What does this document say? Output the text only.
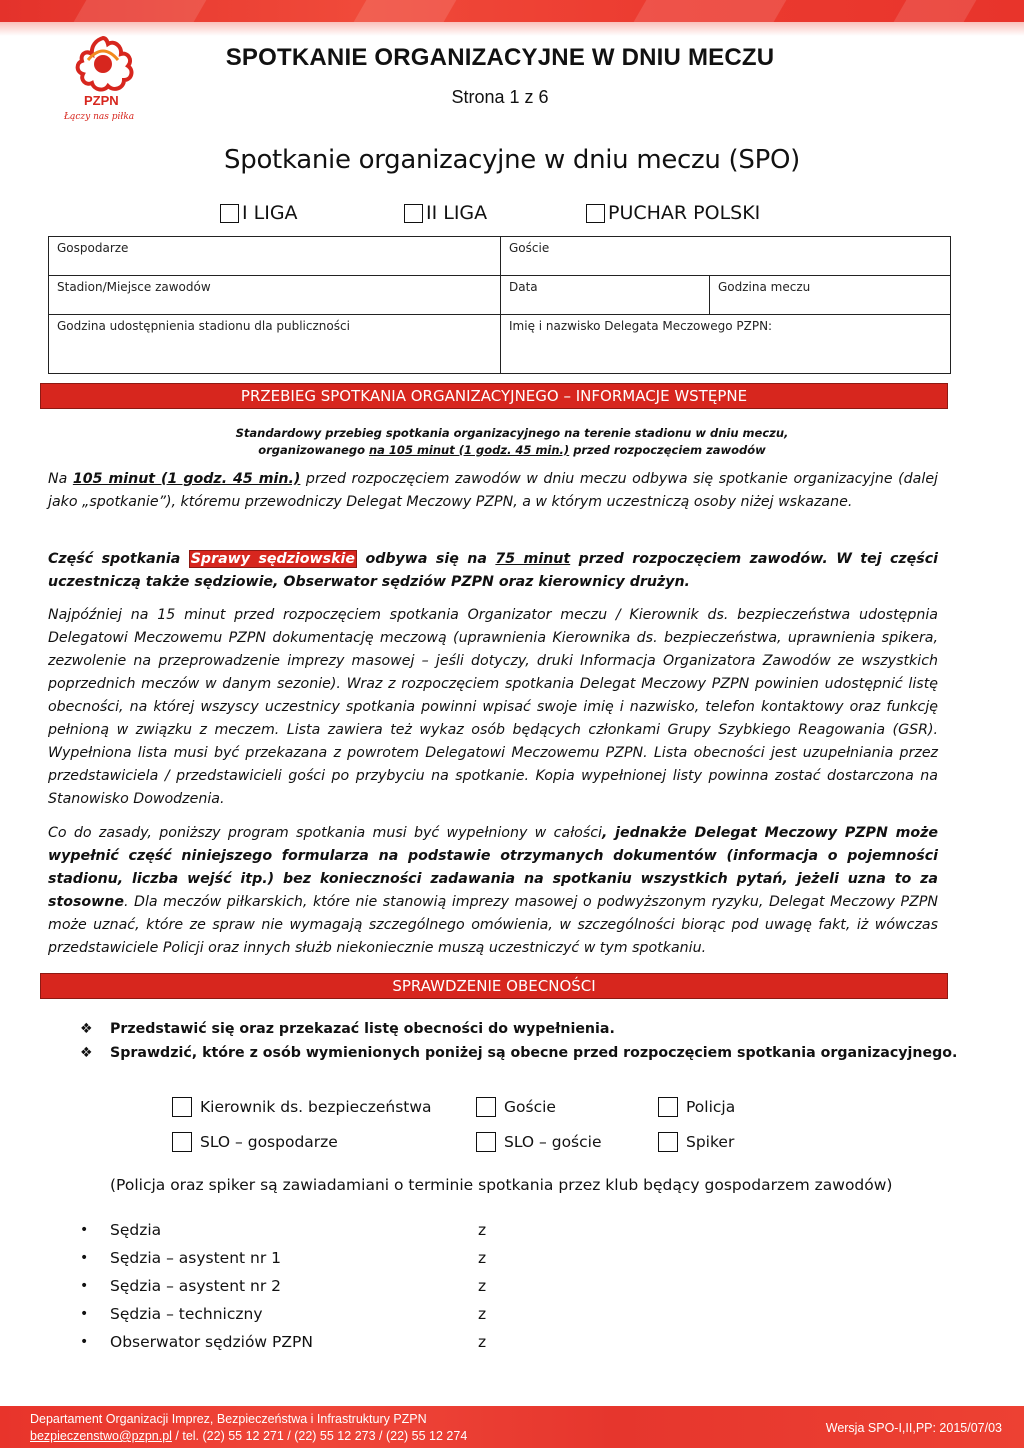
PZPN
Łączy nas piłka
SPOTKANIE ORGANIZACYJNE W DNIU MECZU
Strona 1 z 6
Spotkanie organizacyjne w dniu meczu (SPO)
I LIGA	II LIGA	PUCHAR POLSKI
Gospodarze	Goście	
Stadion/Miejsce zawodów	Data	Godzina meczu
Godzina udostępnienia stadionu dla publiczności	Imię i nazwisko Delegata Meczowego PZPN:	
PRZEBIEG SPOTKANIA ORGANIZACYJNEGO – INFORMACJE WSTĘPNE
Standardowy przebieg spotkania organizacyjnego na terenie stadionu w dniu meczu,
organizowanego na 105 minut (1 godz. 45 min.) przed rozpoczęciem zawodów
Na 105 minut (1 godz. 45 min.) przed rozpoczęciem zawodów w dniu meczu odbywa się spotkanie organizacyjne (dalej jako „spotkanie”), któremu przewodniczy Delegat Meczowy PZPN, a w którym uczestniczą osoby niżej wskazane.
Część spotkania Sprawy sędziowskie odbywa się na 75 minut przed rozpoczęciem zawodów. W tej części uczestniczą także sędziowie, Obserwator sędziów PZPN oraz kierownicy drużyn.
Najpóźniej na 15 minut przed rozpoczęciem spotkania Organizator meczu / Kierownik ds. bezpieczeństwa udostępnia Delegatowi Meczowemu PZPN dokumentację meczową (uprawnienia Kierownika ds. bezpieczeństwa, uprawnienia spikera, zezwolenie na przeprowadzenie imprezy masowej – jeśli dotyczy, druki Informacja Organizatora Zawodów ze wszystkich poprzednich meczów w danym sezonie). Wraz z rozpoczęciem spotkania Delegat Meczowy PZPN powinien udostępnić listę obecności, na której wszyscy uczestnicy spotkania powinni wpisać swoje imię i nazwisko, telefon kontaktowy oraz funkcję pełnioną w związku z meczem. Lista zawiera też wykaz osób będących członkami Grupy Szybkiego Reagowania (GSR). Wypełniona lista musi być przekazana z powrotem Delegatowi Meczowemu PZPN. Lista obecności jest uzupełniania przez przedstawiciela / przedstawicieli gości po przybyciu na spotkanie. Kopia wypełnionej listy powinna zostać dostarczona na Stanowisko Dowodzenia.
Co do zasady, poniższy program spotkania musi być wypełniony w całości, jednakże Delegat Meczowy PZPN może wypełnić część niniejszego formularza na podstawie otrzymanych dokumentów (informacja o pojemności stadionu, liczba wejść itp.) bez konieczności zadawania na spotkaniu wszystkich pytań, jeżeli uzna to za stosowne. Dla meczów piłkarskich, które nie stanowią imprezy masowej o podwyższonym ryzyku, Delegat Meczowy PZPN może uznać, które ze spraw nie wymagają szczególnego omówienia, w szczególności biorąc pod uwagę fakt, iż wówczas przedstawiciele Policji oraz innych służb niekoniecznie muszą uczestniczyć w tym spotkaniu.
SPRAWDZENIE OBECNOŚCI
❖	Przedstawić się oraz przekazać listę obecności do wypełnienia.
❖	Sprawdzić, które z osób wymienionych poniżej są obecne przed rozpoczęciem spotkania organizacyjnego.
Kierownik ds. bezpieczeństwa	Goście	Policja
SLO – gospodarze	SLO – goście	Spiker
(Policja oraz spiker są zawiadamiani o terminie spotkania przez klub będący gospodarzem zawodów)
•	Sędzia	z
•	Sędzia – asystent nr 1	z
•	Sędzia – asystent nr 2	z
•	Sędzia – techniczny	z
•	Obserwator sędziów PZPN	z
Departament Organizacji Imprez, Bezpieczeństwa i Infrastruktury PZPN
bezpieczenstwo@pzpn.pl / tel. (22) 55 12 271 / (22) 55 12 273 / (22) 55 12 274
Wersja SPO-I,II,PP: 2015/07/03
